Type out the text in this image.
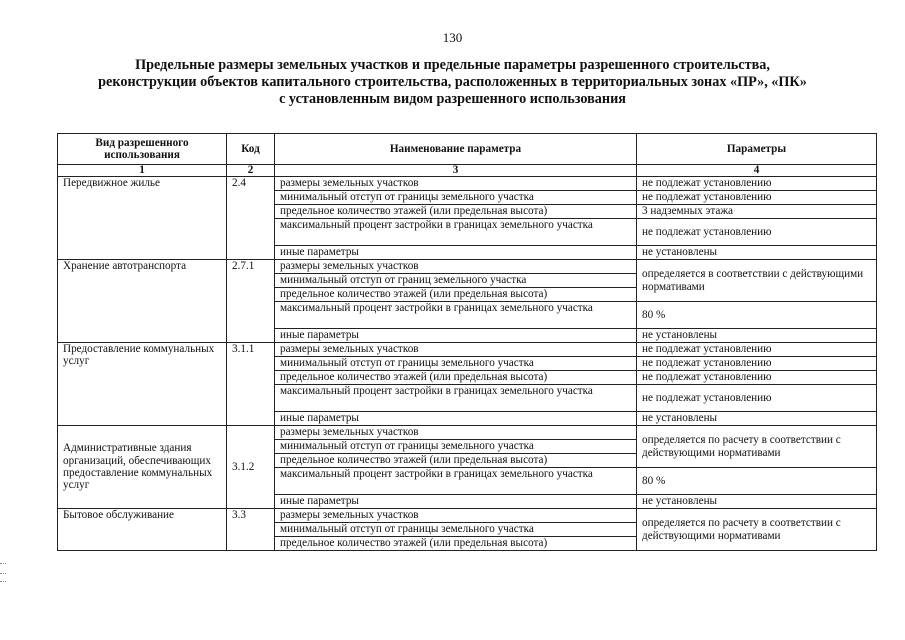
130
Предельные размеры земельных участков и предельные параметры разрешенного строительства,
реконструкции объектов капитального строительства, расположенных в территориальных зонах «ПР», «ПК»
с установленным видом разрешенного использования
Вид разрешенного использования	Код	Наименование параметра	Параметры
1	2	3	4
Передвижное жилье	2.4	размеры земельных участков	не подлежат установлению
		минимальный отступ от границы земельного участка	не подлежат установлению
		предельное количество этажей (или предельная высота)	3 надземных этажа
		максимальный процент застройки в границах земельного участка	не подлежат установлению
		иные параметры	не установлены
Хранение автотранспорта	2.7.1	размеры земельных участков	определяется в соответствии с действующими нормативами
		минимальный отступ от границ земельного участка	
		предельное количество этажей (или предельная высота)	
		максимальный процент застройки в границах земельного участка	80 %
		иные параметры	не установлены
Предоставление коммунальных услуг	3.1.1	размеры земельных участков	не подлежат установлению
		минимальный отступ от границы земельного участка	не подлежат установлению
		предельное количество этажей (или предельная высота)	не подлежат установлению
		максимальный процент застройки в границах земельного участка	не подлежат установлению
		иные параметры	не установлены
Административные здания организаций, обеспечивающих предоставление коммунальных услуг	3.1.2	размеры земельных участков	определяется по расчету в соответствии с действующими нормативами
		минимальный отступ от границы земельного участка	
		предельное количество этажей (или предельная высота)	
		максимальный процент застройки в границах земельного участка	80 %
		иные параметры	не установлены
Бытовое обслуживание	3.3	размеры земельных участков	определяется по расчету в соответствии с действующими нормативами
		минимальный отступ от границы земельного участка	
		предельное количество этажей (или предельная высота)	
